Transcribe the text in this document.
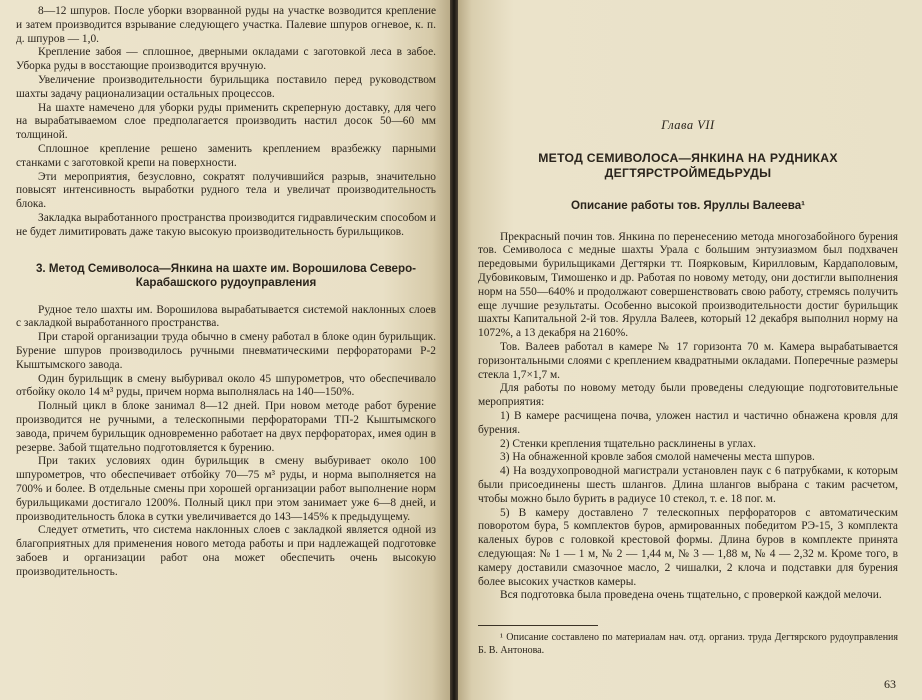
8—12 шпуров. После уборки взорванной руды на участке возводится крепление и затем производится взрывание следующего участка. Палевие шпуров огневое, к. п. д. шпуров — 1,0.

Крепление забоя — сплошное, дверными окладами с заготовкой леса в забое. Уборка руды в восстающие производится вручную.

Увеличение производительности бурильщика поставило перед руководством шахты задачу рационализации остальных процессов.

На шахте намечено для уборки руды применить скреперную доставку, для чего на вырабатываемом слое предполагается производить настил досок 50—60 мм толщиной.

Сплошное крепление решено заменить креплением вразбежку парными станками с заготовкой крепи на поверхности.

Эти мероприятия, безусловно, сократят получившийся разрыв, значительно повысят интенсивность выработки рудного тела и увеличат производительность блока.

Закладка выработанного пространства производится гидравлическим способом и не будет лимитировать даже такую высокую производительность бурильщиков.

3. Метод Семиволоса—Янкина на шахте им. Ворошилова Северо-Карабашского рудоуправления

Рудное тело шахты им. Ворошилова вырабатывается системой наклонных слоев с закладкой выработанного пространства.

При старой организации труда обычно в смену работал в блоке один бурильщик. Бурение шпуров производилось ручными пневматическими перфораторами Р-2 Кыштымского завода.

Один бурильщик в смену выбуривал около 45 шпурометров, что обеспечивало отбойку около 14 м³ руды, причем норма выполнялась на 140—150%.

Полный цикл в блоке занимал 8—12 дней. При новом методе работ бурение производится не ручными, а телескопными перфораторами ТП-2 Кыштымского завода, причем бурильщик одновременно работает на двух перфораторах, имея один в резерве. Забой тщательно подготовляется к бурению.

При таких условиях один бурильщик в смену выбуривает около 100 шпурометров, что обеспечивает отбойку 70—75 м³ руды, и норма выполняется на 700% и более. В отдельные смены при хорошей организации работ выполнение норм бурильщиками достигало 1200%. Полный цикл при этом занимает уже 6—8 дней, и производительность блока в сутки увеличивается до 143—145% к предыдущему.

Следует отметить, что система наклонных слоев с закладкой является одной из благоприятных для применения нового метода работы и при надлежащей подготовке забоев и организации работ она может обеспечить очень высокую производительность.

Глава VII
МЕТОД СЕМИВОЛОСА—ЯНКИНА НА РУДНИКАХ ДЕГТЯРСТРОЙМЕДЬРУДЫ
Описание работы тов. Яруллы Валеева¹

Прекрасный почин тов. Янкина по перенесению метода многозабойного бурения тов. Семиволоса с медные шахты Урала с большим энтузиазмом был подхвачен передовыми бурильщиками Дегтярки тт. Пояркoвым, Кирилловым, Кардаполовым, Дубовиковым, Тимошенко и др. Работая по новому методу, они достигли выполнения норм на 550—640% и продолжают совершенствовать свою работу, стремясь получить еще лучшие результаты. Особенно высокой производительности достиг бурильщик шахты Капитальной 2-й тов. Ярулла Валеев, который 12 декабря выполнил норму на 1072%, а 13 декабря на 2160%.

Тов. Валеев работал в камере № 17 горизонта 70 м. Камера вырабатывается горизонтальными слоями с креплением квадратными окладами. Поперечные размеры стекла 1,7×1,7 м.

Для работы по новому методу были проведены следующие подготовительные мероприятия:

1) В камере расчищена почва, уложен настил и частично обнажена кровля для бурения.

2) Стенки крепления тщательно расклинены в углах.

3) На обнаженной кровле забоя смолой намечены места шпуров.

4) На воздухопроводной магистрали установлен паук с 6 патрубками, к которым были присоединены шесть шлангов. Длина шлангов выбрана с таким расчетом, чтобы можно было бурить в радиусе 10 стекол, т. е. 18 пог. м.

5) В камеру доставлено 7 телескопных перфораторов с автоматическим поворотом бура, 5 комплектов буров, армированных победитом РЭ-15, 3 комплекта каленых буров с головкой крестовой формы. Длина буров в комплекте принята следующая: № 1 — 1 м, № 2 — 1,44 м, № 3 — 1,88 м, № 4 — 2,32 м. Кроме того, в камеру доставили смазочное масло, 2 чишалки, 2 клоча и подставки для бурения более высоких участков камеры.

Вся подготовка была проведена очень тщательно, с проверкой каждой мелочи.

¹ Описание составлено по материалам нач. отд. организ. труда Дегтярского рудоуправления Б. В. Антонова.

63
